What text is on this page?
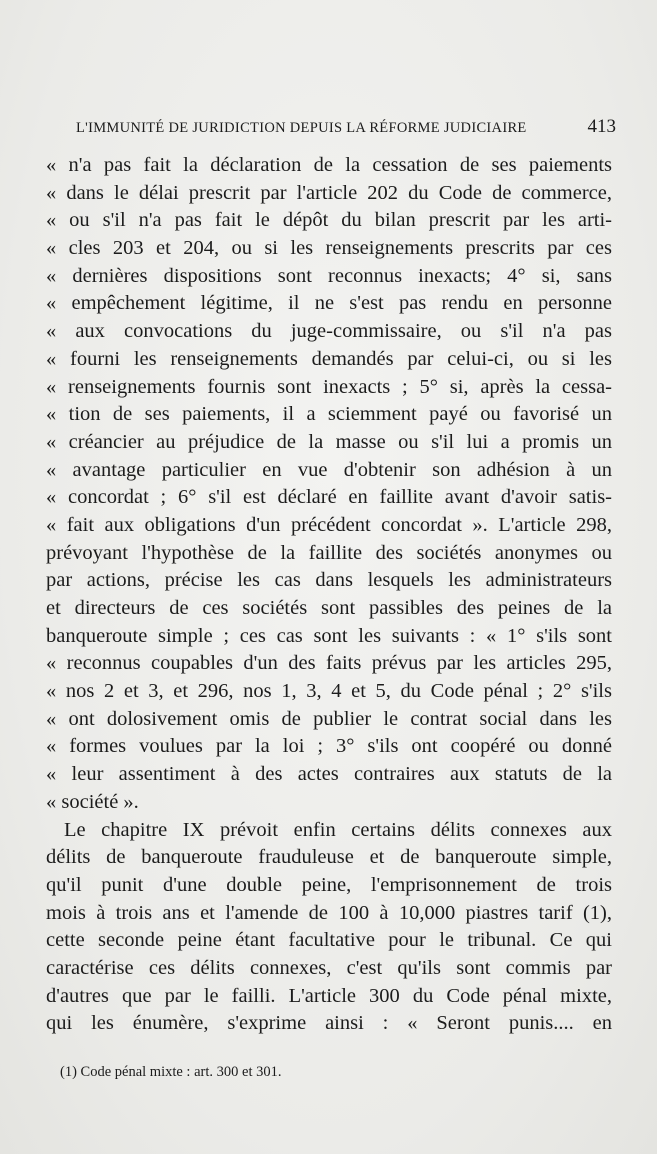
L'IMMUNITÉ DE JURIDICTION DEPUIS LA RÉFORME JUDICIAIRE	413
« n'a pas fait la déclaration de la cessation de ses paiements
« dans le délai prescrit par l'article 202 du Code de commerce,
« ou s'il n'a pas fait le dépôt du bilan prescrit par les arti-
« cles 203 et 204, ou si les renseignements prescrits par ces
« dernières dispositions sont reconnus inexacts; 4° si, sans
« empêchement légitime, il ne s'est pas rendu en personne
« aux convocations du juge-commissaire, ou s'il n'a pas
« fourni les renseignements demandés par celui-ci, ou si les
« renseignements fournis sont inexacts ; 5° si, après la cessa-
« tion de ses paiements, il a sciemment payé ou favorisé un
« créancier au préjudice de la masse ou s'il lui a promis un
« avantage particulier en vue d'obtenir son adhésion à un
« concordat ; 6° s'il est déclaré en faillite avant d'avoir satis-
« fait aux obligations d'un précédent concordat ». L'article 298,
prévoyant l'hypothèse de la faillite des sociétés anonymes ou
par actions, précise les cas dans lesquels les administrateurs
et directeurs de ces sociétés sont passibles des peines de la
banqueroute simple ; ces cas sont les suivants : « 1° s'ils sont
« reconnus coupables d'un des faits prévus par les articles 295,
« nos 2 et 3, et 296, nos 1, 3, 4 et 5, du Code pénal ; 2° s'ils
« ont dolosivement omis de publier le contrat social dans les
« formes voulues par la loi ; 3° s'ils ont coopéré ou donné
« leur assentiment à des actes contraires aux statuts de la
« société ».
Le chapitre IX prévoit enfin certains délits connexes aux
délits de banqueroute frauduleuse et de banqueroute simple,
qu'il punit d'une double peine, l'emprisonnement de trois
mois à trois ans et l'amende de 100 à 10,000 piastres tarif (1),
cette seconde peine étant facultative pour le tribunal. Ce qui
caractérise ces délits connexes, c'est qu'ils sont commis par
d'autres que par le failli. L'article 300 du Code pénal mixte,
qui les énumère, s'exprime ainsi : « Seront punis.... en
(1) Code pénal mixte : art. 300 et 301.
